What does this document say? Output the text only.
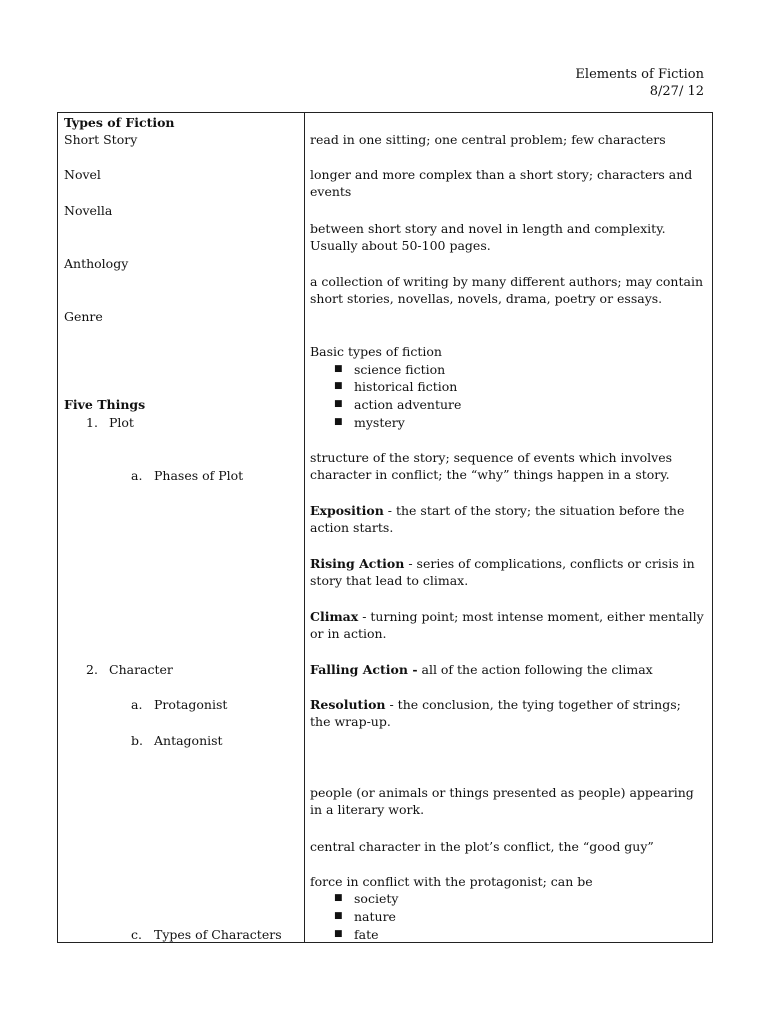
Elements of Fiction
8/27/ 12
Types of Fiction
Short Story
Novel
Novella
Anthology
Genre
Five Things
1. Plot
a. Phases of Plot
2. Character
a. Protagonist
b. Antagonist
c. Types of Characters
read in one sitting; one central problem; few characters
longer and more complex than a short story; characters and events
between short story and novel in length and complexity. Usually about 50-100 pages.
a collection of writing by many different authors; may contain short stories, novellas, novels, drama, poetry or essays.
Basic types of fiction
■ science fiction
■ historical fiction
■ action adventure
■ mystery
structure of the story; sequence of events which involves character in conflict; the “why” things happen in a story.
Exposition - the start of the story; the situation before the action starts.
Rising Action - series of complications, conflicts or crisis in story that lead to climax.
Climax - turning point; most intense moment, either mentally or in action.
Falling Action - all of the action following the climax
Resolution - the conclusion, the tying together of strings; the wrap-up.
people (or animals or things presented as people) appearing in a literary work.
central character in the plot’s conflict, the “good guy”
force in conflict with the protagonist; can be
■ society
■ nature
■ fate
